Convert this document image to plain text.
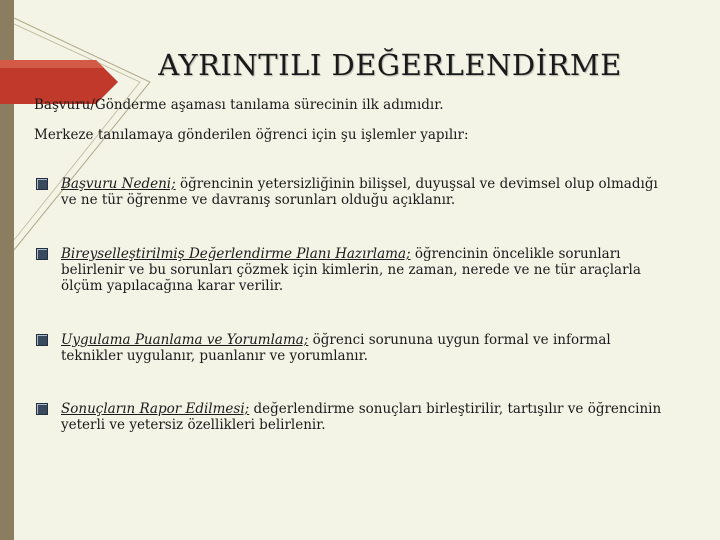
AYRINTILI DEĞERLENDİRME

Başvuru/Gönderme aşaması tanılama sürecinin ilk adımıdır.

Merkeze tanılamaya gönderilen öğrenci için şu işlemler yapılır:

Başvuru Nedeni; öğrencinin yetersizliğinin bilişsel, duyuşsal ve devimsel olup olmadığı ve ne tür öğrenme ve davranış sorunları olduğu açıklanır.
Bireyselleştirilmiş Değerlendirme Planı Hazırlama; öğrencinin öncelikle sorunları belirlenir ve bu sorunları çözmek için kimlerin, ne zaman, nerede ve ne tür araçlarla ölçüm yapılacağına karar verilir.
Uygulama Puanlama ve Yorumlama; öğrenci sorununa uygun formal ve informal teknikler uygulanır, puanlanır ve yorumlanır.
Sonuçların Rapor Edilmesi; değerlendirme sonuçları birleştirilir, tartışılır ve öğrencinin yeterli ve yetersiz özellikleri belirlenir.
